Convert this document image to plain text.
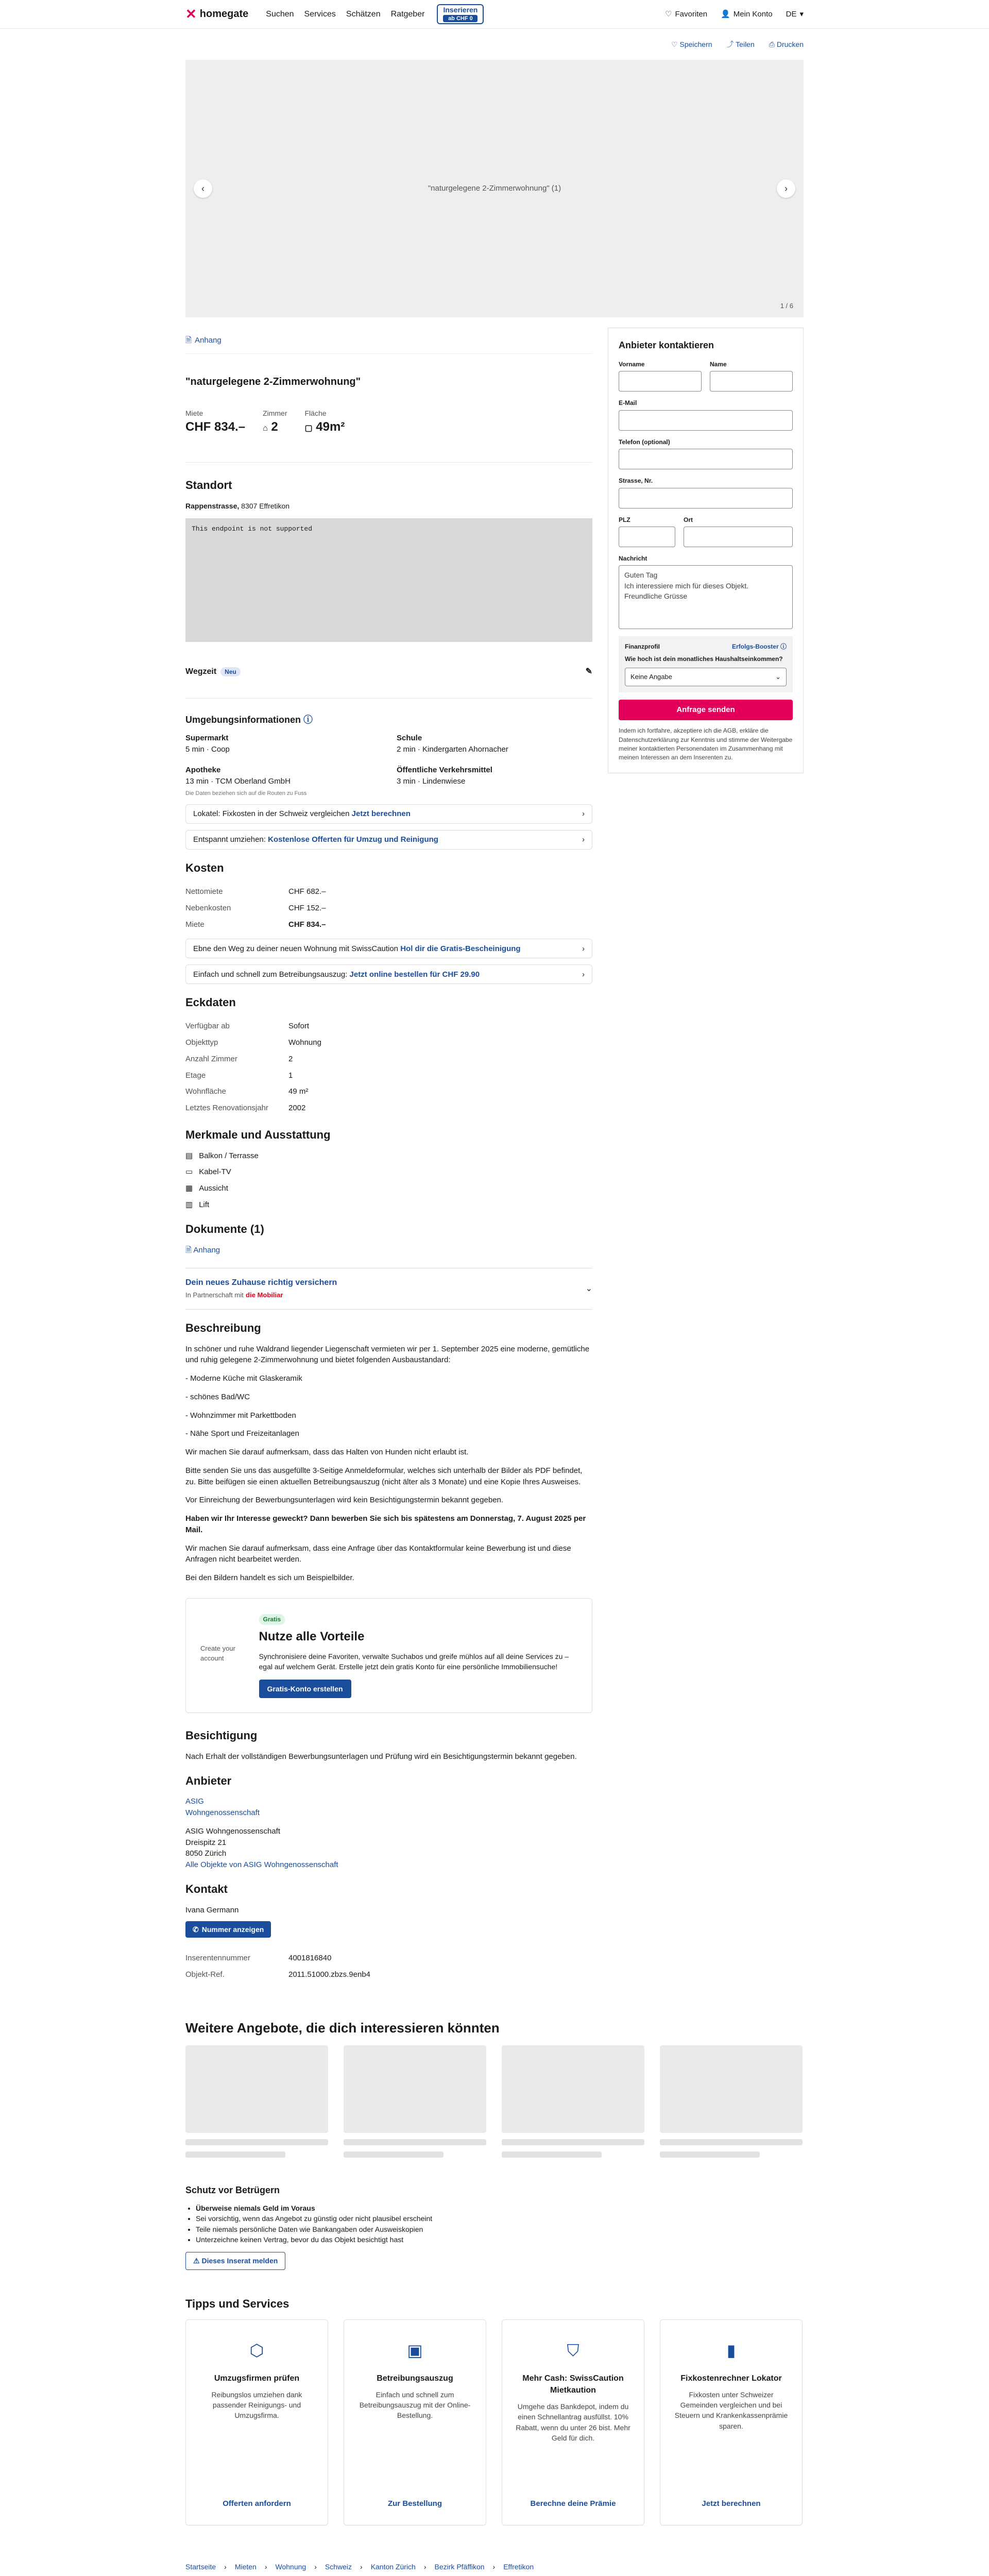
✕ homegate Suchen Services Schätzen Ratgeber
Inserieren
ab CHF 0
♡ Favoriten 👤 Mein Konto DE ▾
♡ Speichern ⤴ Teilen ⎙ Drucken
‹	"naturgelegene 2-Zimmerwohnung" (1)	›
1 / 6
🗎 Anhang
"naturgelegene 2-Zimmerwohnung"
Miete
CHF 834.–
Zimmer
⌂ 2
Fläche
▢ 49m²
Standort
Rappenstrasse, 8307 Effretikon
This endpoint is not supported
Wegzeit Neu	✎
Umgebungsinformationen ⓘ
Supermarkt
5 min · Coop
Schule
2 min · Kindergarten Ahornacher
Apotheke
13 min · TCM Oberland GmbH
Öffentliche Verkehrsmittel
3 min · Lindenwiese
Die Daten beziehen sich auf die Routen zu Fuss
Lokatel: Fixkosten in der Schweiz vergleichen Jetzt berechnen	›
Entspannt umziehen: Kostenlose Offerten für Umzug und Reinigung	›
Kosten
Nettomiete	CHF 682.–
Nebenkosten	CHF 152.–
Miete	CHF 834.–
Ebne den Weg zu deiner neuen Wohnung mit SwissCaution Hol dir die Gratis-Bescheinigung	›
Einfach und schnell zum Betreibungsauszug: Jetzt online bestellen für CHF 29.90	›
Eckdaten
Verfügbar ab	Sofort
Objekttyp	Wohnung
Anzahl Zimmer	2
Etage	1
Wohnfläche	49 m²
Letztes Renovationsjahr	2002
Merkmale und Ausstattung
▤ Balkon / Terrasse
▭ Kabel-TV
▦ Aussicht
▥ Lift
Dokumente (1)
🗎 Anhang
Dein neues Zuhause richtig versichern
In Partnerschaft mit die Mobiliar
⌄
Beschreibung

In schöner und ruhe Waldrand liegender Liegenschaft vermieten wir per 1. September 2025 eine moderne, gemütliche und ruhig gelegene 2-Zimmerwohnung und bietet folgenden Ausbaustandard:

- Moderne Küche mit Glaskeramik

- schönes Bad/WC

- Wohnzimmer mit Parkettboden

- Nähe Sport und Freizeitanlagen

Wir machen Sie darauf aufmerksam, dass das Halten von Hunden nicht erlaubt ist.

Bitte senden Sie uns das ausgefüllte 3-Seitige Anmeldeformular, welches sich unterhalb der Bilder als PDF befindet, zu. Bitte beifügen sie einen aktuellen Betreibungsauszug (nicht älter als 3 Monate) und eine Kopie Ihres Ausweises.

Vor Einreichung der Bewerbungsunterlagen wird kein Besichtigungstermin bekannt gegeben.

Haben wir Ihr Interesse geweckt? Dann bewerben Sie sich bis spätestens am Donnerstag, 7. August 2025 per Mail.

Wir machen Sie darauf aufmerksam, dass eine Anfrage über das Kontaktformular keine Bewerbung ist und diese Anfragen nicht bearbeitet werden.

Bei den Bildern handelt es sich um Beispielbilder.

Create your account
Gratis
Nutze alle Vorteile
Synchronisiere deine Favoriten, verwalte Suchabos und greife mühlos auf all deine Services zu – egal auf welchem Gerät. Erstelle jetzt dein gratis Konto für eine persönliche Immobiliensuche!
Gratis-Konto erstellen
Besichtigung

Nach Erhalt der vollständigen Bewerbungsunterlagen und Prüfung wird ein Besichtigungstermin bekannt gegeben.

Anbieter
ASIG Wohngenossenschaft
ASIG Wohngenossenschaft
Dreispitz 21
8050 Zürich
Alle Objekte von ASIG Wohngenossenschaft
Kontakt
Ivana Germann
✆ Nummer anzeigen
Inserentennummer	4001816840
Objekt-Ref.	2011.51000.zbzs.9enb4
Anbieter kontaktieren
Vorname	Name
E-Mail
Telefon (optional)
Strasse, Nr.
PLZ	Ort
Nachricht
Guten Tag
Ich interessiere mich für dieses Objekt.
Freundliche Grüsse
FinanzprofiI	Erfolgs-Booster ⓘ
Wie hoch ist dein monatliches Haushaltseinkommen?
Keine Angabe	⌄
Anfrage senden
Indem ich fortfahre, akzeptiere ich die AGB, erkläre die Datenschutzerklärung zur Kenntnis und stimme der Weitergabe meiner kontaktierten Personendaten im Zusammenhang mit meinen Interessen an dem Inserenten zu.
Weitere Angebote, die dich interessieren könnten
Schutz vor Betrügern
• Überweise niemals Geld im Voraus
• Sei vorsichtig, wenn das Angebot zu günstig oder nicht plausibel erscheint
• Teile niemals persönliche Daten wie Bankangaben oder Ausweiskopien
• Unterzeichne keinen Vertrag, bevor du das Objekt besichtigt hast
⚠
Dieses Inserat melden
Tipps und Services
⬡
Umzugsfirmen prüfen

Reibungslos umziehen dank passender Reinigungs- und Umzugsfirma.

Offerten anfordern
▣
Betreibungsauszug

Einfach und schnell zum Betreibungsauszug mit der Online-Bestellung.

Zur Bestellung
⛉
Mehr Cash: SwissCaution Mietkaution

Umgehe das Bankdepot, indem du einen Schnellantrag ausfüllst. 10% Rabatt, wenn du unter 26 bist. Mehr Geld für dich.

Berechne deine Prämie
▮
Fixkostenrechner Lokator

Fixkosten unter Schweizer Gemeinden vergleichen und bei Steuern und Krankenkassenprämie sparen.

Jetzt berechnen
Startseite › Mieten › Wohnung › Schweiz › Kanton Zürich › Bezirk Pfäffikon › Effretikon
